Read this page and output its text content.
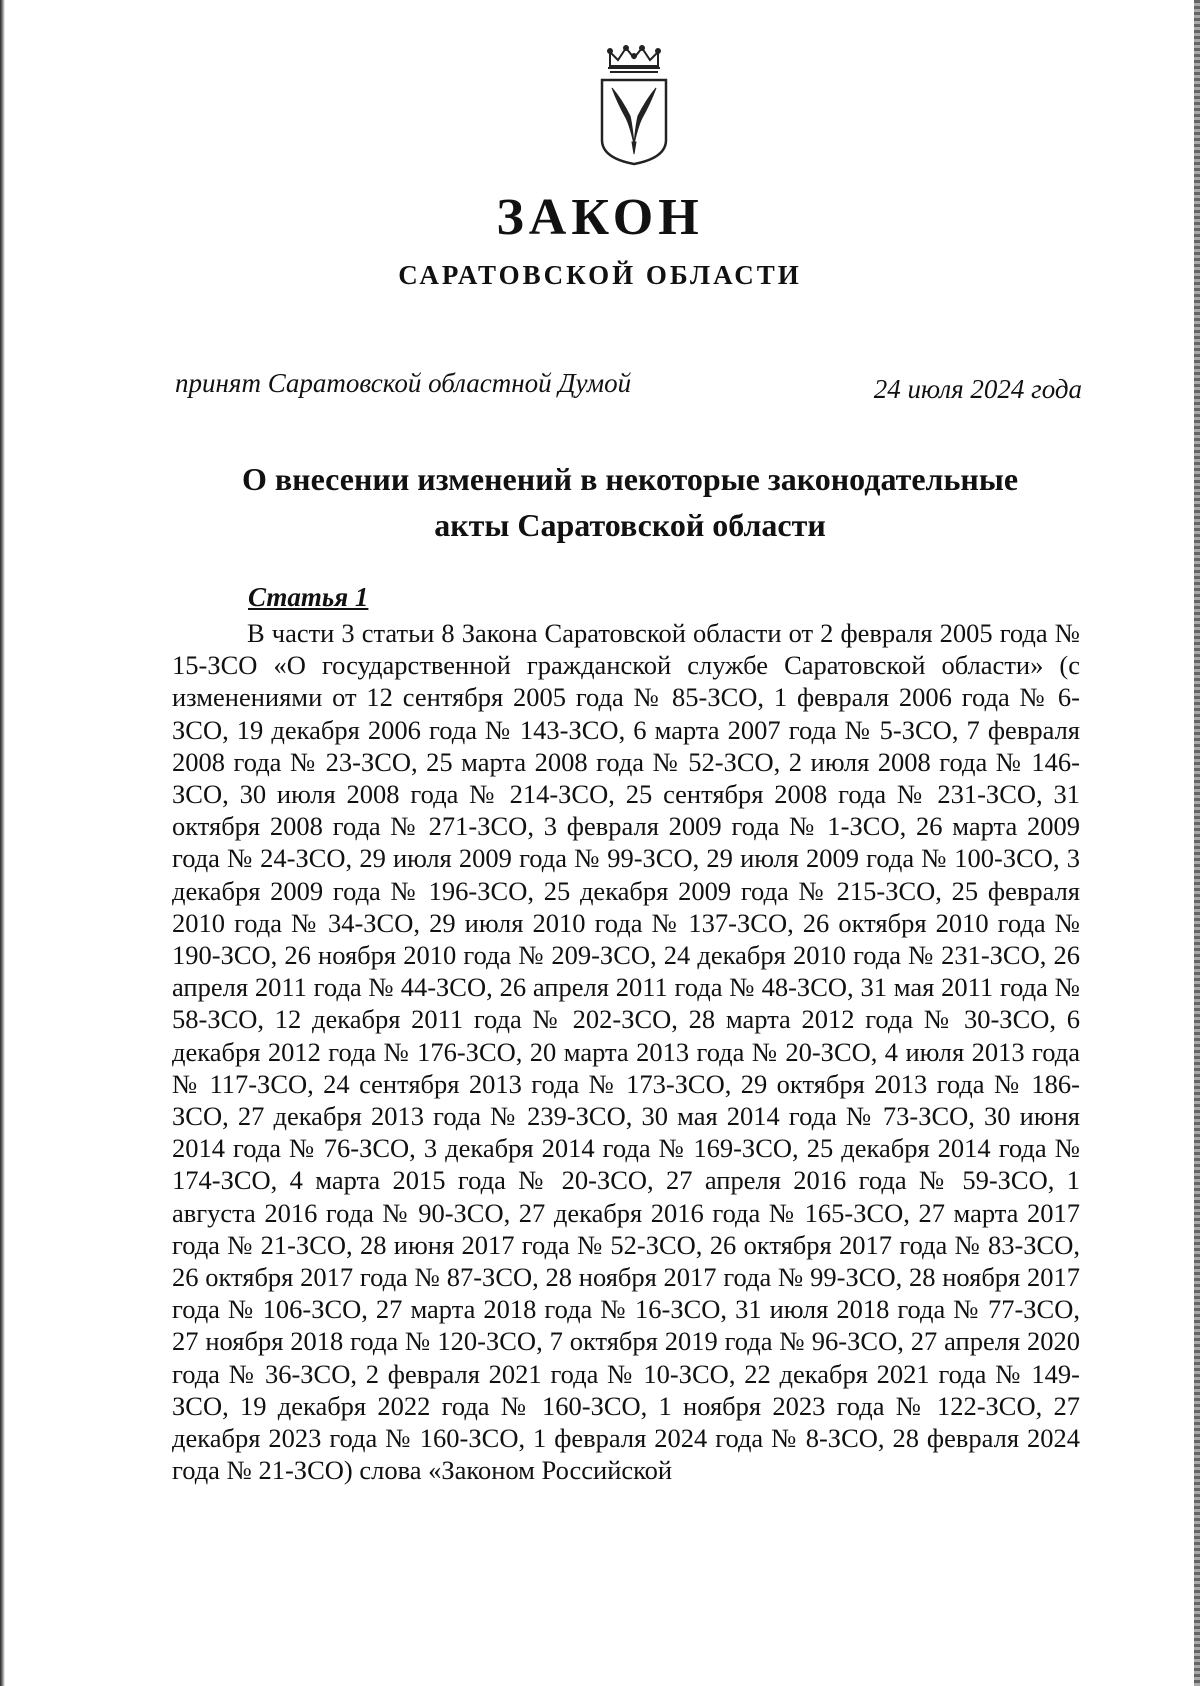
ЗАКОН
САРАТОВСКОЙ ОБЛАСТИ
принят Саратовской областной Думой	24 июля 2024 года
О внесении изменений в некоторые законодательные
акты Саратовской области
Статья 1

В части 3 статьи 8 Закона Саратовской области от 2 февраля 2005 года № 15-ЗСО «О государственной гражданской службе Саратовской области» (с изменениями от 12 сентября 2005 года № 85-ЗСО, 1 февраля 2006 года № 6-ЗСО, 19 декабря 2006 года № 143-ЗСО, 6 марта 2007 года № 5-ЗСО, 7 февраля 2008 года № 23-ЗСО, 25 марта 2008 года № 52-ЗСО, 2 июля 2008 года № 146-ЗСО, 30 июля 2008 года № 214-ЗСО, 25 сентября 2008 года № 231-ЗСО, 31 октября 2008 года № 271-ЗСО, 3 февраля 2009 года № 1-ЗСО, 26 марта 2009 года № 24-ЗСО, 29 июля 2009 года № 99-ЗСО, 29 июля 2009 года № 100-ЗСО, 3 декабря 2009 года № 196-ЗСО, 25 декабря 2009 года № 215-ЗСО, 25 февраля 2010 года № 34-ЗСО, 29 июля 2010 года № 137-ЗСО, 26 октября 2010 года № 190-ЗСО, 26 ноября 2010 года № 209-ЗСО, 24 декабря 2010 года № 231-ЗСО, 26 апреля 2011 года № 44-ЗСО, 26 апреля 2011 года № 48-ЗСО, 31 мая 2011 года № 58-ЗСО, 12 декабря 2011 года № 202-ЗСО, 28 марта 2012 года № 30-ЗСО, 6 декабря 2012 года № 176-ЗСО, 20 марта 2013 года № 20-ЗСО, 4 июля 2013 года № 117-ЗСО, 24 сентября 2013 года № 173-ЗСО, 29 октября 2013 года № 186-ЗСО, 27 декабря 2013 года № 239-ЗСО, 30 мая 2014 года № 73-ЗСО, 30 июня 2014 года № 76-ЗСО, 3 декабря 2014 года № 169-ЗСО, 25 декабря 2014 года № 174-ЗСО, 4 марта 2015 года № 20-ЗСО, 27 апреля 2016 года № 59-ЗСО, 1 августа 2016 года № 90-ЗСО, 27 декабря 2016 года № 165-ЗСО, 27 марта 2017 года № 21-ЗСО, 28 июня 2017 года № 52-ЗСО, 26 октября 2017 года № 83-ЗСО, 26 октября 2017 года № 87-ЗСО, 28 ноября 2017 года № 99-ЗСО, 28 ноября 2017 года № 106-ЗСО, 27 марта 2018 года № 16-ЗСО, 31 июля 2018 года № 77-ЗСО, 27 ноября 2018 года № 120-ЗСО, 7 октября 2019 года № 96-ЗСО, 27 апреля 2020 года № 36-ЗСО, 2 февраля 2021 года № 10-ЗСО, 22 декабря 2021 года № 149-ЗСО, 19 декабря 2022 года № 160-ЗСО, 1 ноября 2023 года № 122-ЗСО, 27 декабря 2023 года № 160-ЗСО, 1 февраля 2024 года № 8-ЗСО, 28 февраля 2024 года № 21-ЗСО) слова «Законом Российской
